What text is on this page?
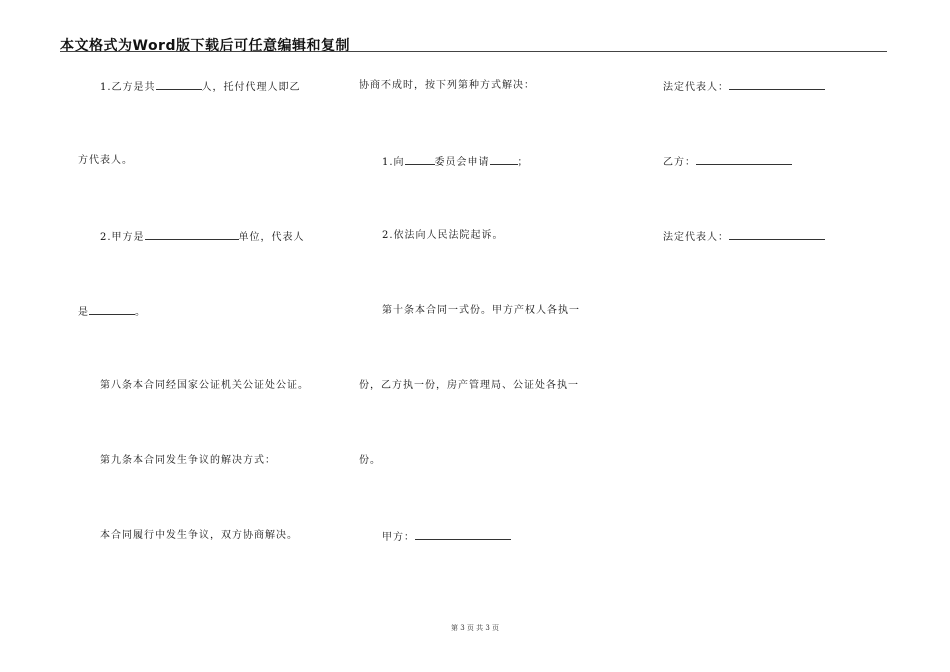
本文格式为Word版下载后可任意编辑和复制
1.乙方是共	人，托付代理人即乙
方代表人。
2.甲方是	单位，代表人
是	。
第八条本合同经国家公证机关公证处公证。
第九条本合同发生争议的解决方式：
本合同履行中发生争议，双方协商解决。
协商不成时，按下列第种方式解决：
1.向	委员会申请	；
2.依法向人民法院起诉。
第十条本合同一式份。甲方产权人各执一
份，乙方执一份，房产管理局、公证处各执一
份。
甲方：
法定代表人：
乙方：
法定代表人：
第 3 页 共 3 页
